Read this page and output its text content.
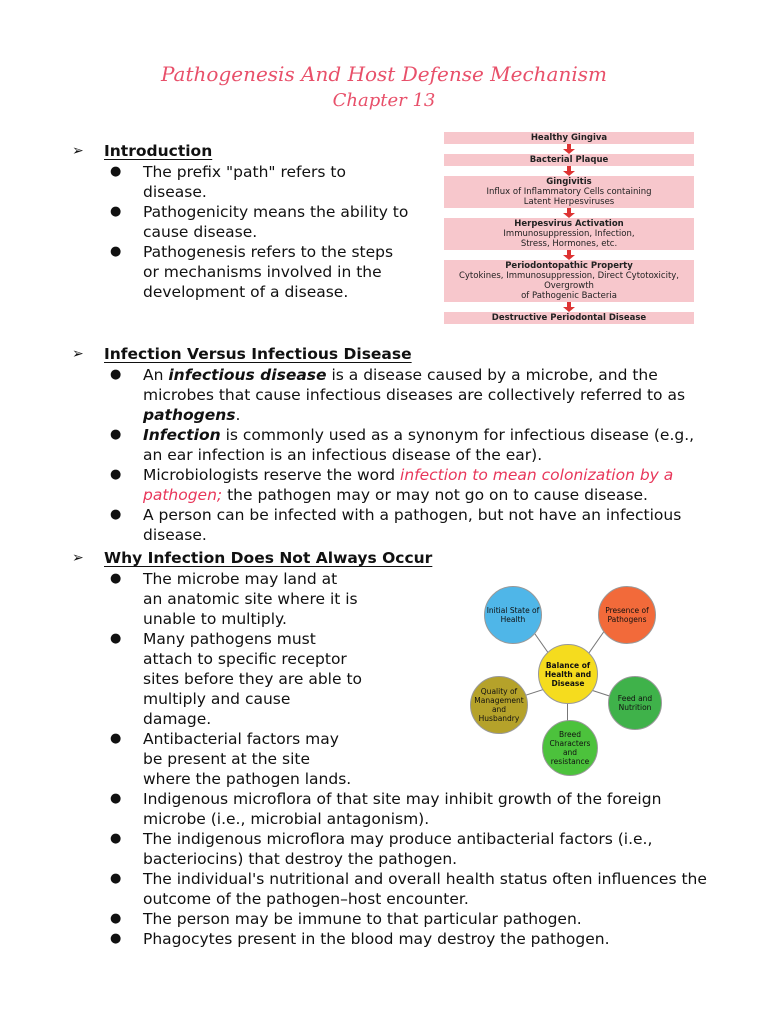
Pathogenesis And Host Defense Mechanism
Chapter 13
➢ Introduction
● The prefix "path" refers to disease.
● Pathogenicity means the ability to cause disease.
● Pathogenesis refers to the steps or mechanisms involved in the development of a disease.
Healthy Gingiva
Bacterial Plaque
Gingivitis
Influx of Inflammatory Cells containing
Latent Herpesviruses
Herpesvirus Activation
Immunosuppression, Infection,
Stress, Hormones, etc.
Periodontopathic Property
Cytokines, Immunosuppression, Direct Cytotoxicity, Overgrowth
of Pathogenic Bacteria
Destructive Periodontal Disease
➢ Infection Versus Infectious Disease
● An infectious disease is a disease caused by a microbe, and the microbes that cause infectious diseases are collectively referred to as pathogens.
● Infection is commonly used as a synonym for infectious disease (e.g., an ear infection is an infectious disease of the ear).
● Microbiologists reserve the word infection to mean colonization by a pathogen; the pathogen may or may not go on to cause disease.
● A person can be infected with a pathogen, but not have an infectious disease.
➢ Why Infection Does Not Always Occur
● The microbe may land at an anatomic site where it is unable to multiply.
● Many pathogens must attach to specific receptor sites before they are able to multiply and cause damage.
● Antibacterial factors may be present at the site where the pathogen lands.
● Indigenous microflora of that site may inhibit growth of the foreign microbe (i.e., microbial antagonism).
● The indigenous microflora may produce antibacterial factors (i.e., bacteriocins) that destroy the pathogen.
● The individual's nutritional and overall health status often influences the outcome of the pathogen–host encounter.
● The person may be immune to that particular pathogen.
● Phagocytes present in the blood may destroy the pathogen.
Balance of Health and Disease
Initial State of Health
Presence of Pathogens
Feed and Nutrition
Breed Characters and resistance
Quality of Management and Husbandry
